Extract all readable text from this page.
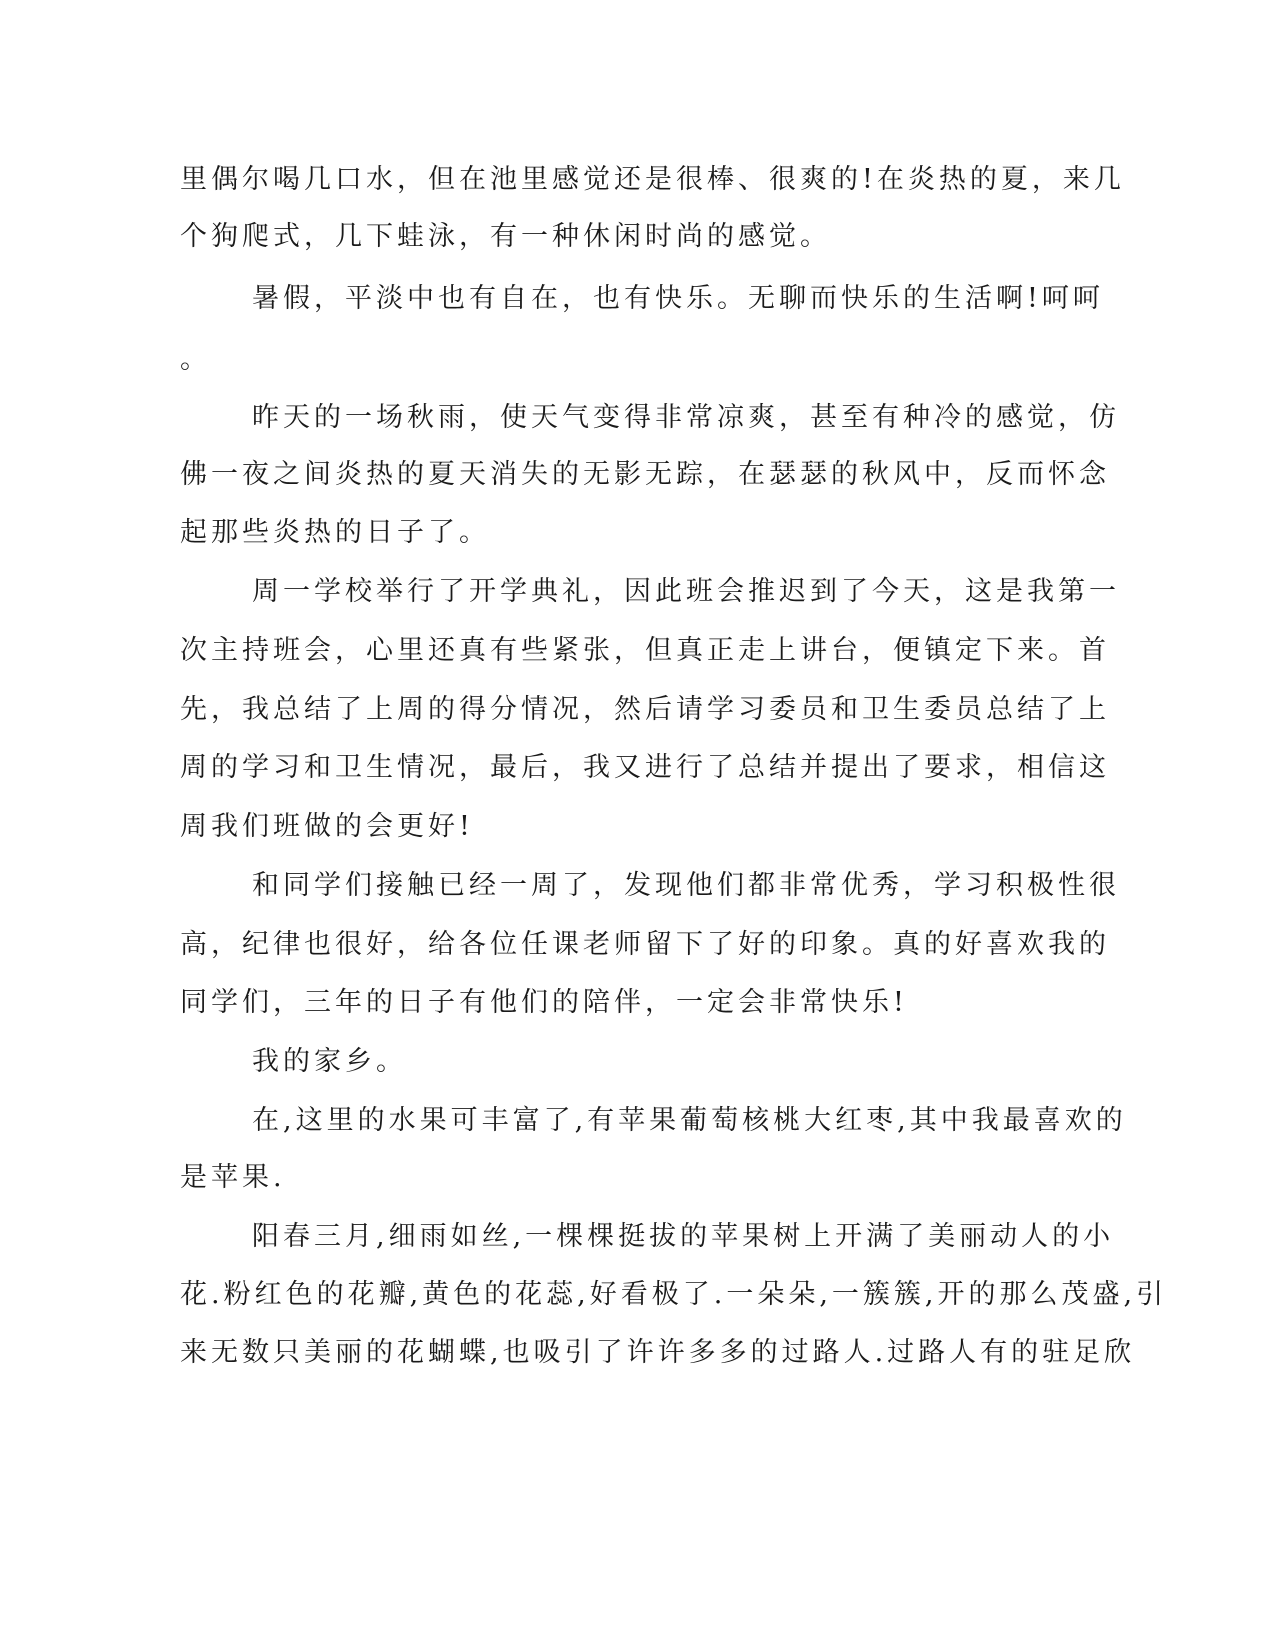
里偶尔喝几口水，但在池里感觉还是很棒、很爽的!在炎热的夏，来几
个狗爬式，几下蛙泳，有一种休闲时尚的感觉。
暑假，平淡中也有自在，也有快乐。无聊而快乐的生活啊!呵呵
。
昨天的一场秋雨，使天气变得非常凉爽，甚至有种冷的感觉，仿
佛一夜之间炎热的夏天消失的无影无踪，在瑟瑟的秋风中，反而怀念
起那些炎热的日子了。
周一学校举行了开学典礼，因此班会推迟到了今天，这是我第一
次主持班会，心里还真有些紧张，但真正走上讲台，便镇定下来。首
先，我总结了上周的得分情况，然后请学习委员和卫生委员总结了上
周的学习和卫生情况，最后，我又进行了总结并提出了要求，相信这
周我们班做的会更好!
和同学们接触已经一周了，发现他们都非常优秀，学习积极性很
高，纪律也很好，给各位任课老师留下了好的印象。真的好喜欢我的
同学们，三年的日子有他们的陪伴，一定会非常快乐!
我的家乡。
在,这里的水果可丰富了,有苹果葡萄核桃大红枣,其中我最喜欢的
是苹果.
阳春三月,细雨如丝,一棵棵挺拔的苹果树上开满了美丽动人的小
花.粉红色的花瓣,黄色的花蕊,好看极了.一朵朵,一簇簇,开的那么茂盛,引
来无数只美丽的花蝴蝶,也吸引了许许多多的过路人.过路人有的驻足欣
